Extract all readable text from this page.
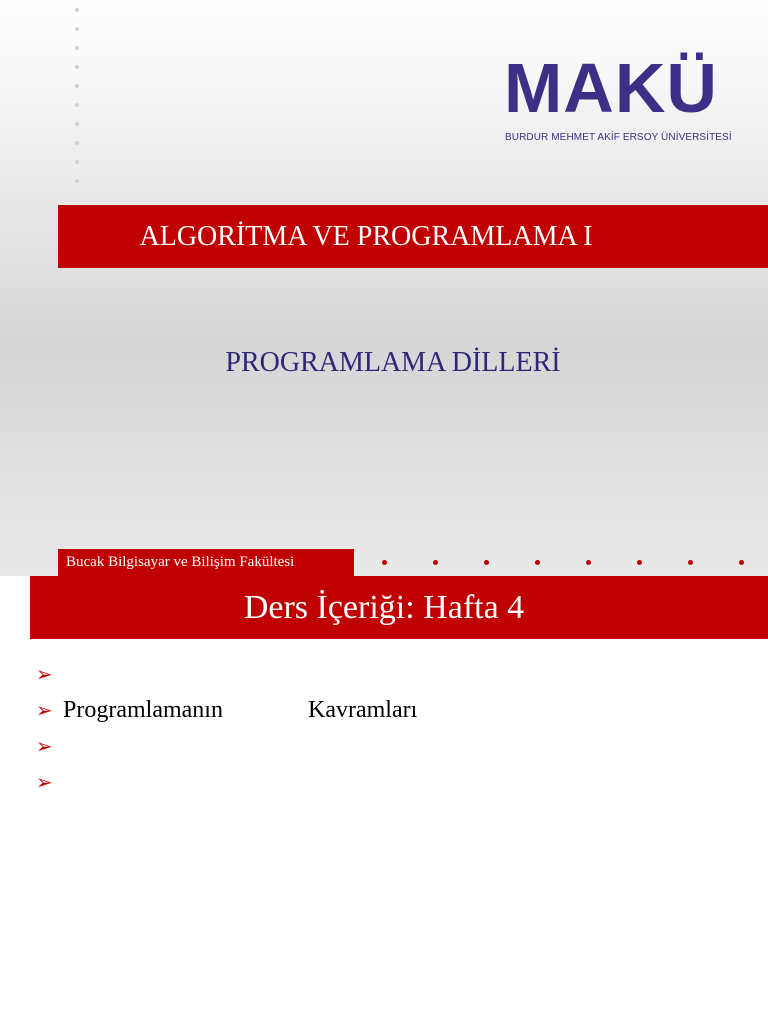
MAKÜ
BURDUR MEHMET AKİF ERSOY ÜNİVERSİTESİ
ALGORİTMA VE PROGRAMLAMA I
PROGRAMLAMA DİLLERİ
Bucak Bilgisayar ve Bilişim Fakültesi
Ders İçeriği: Hafta 4
➢
➢ Programlamanın	Kavramları
➢
➢
